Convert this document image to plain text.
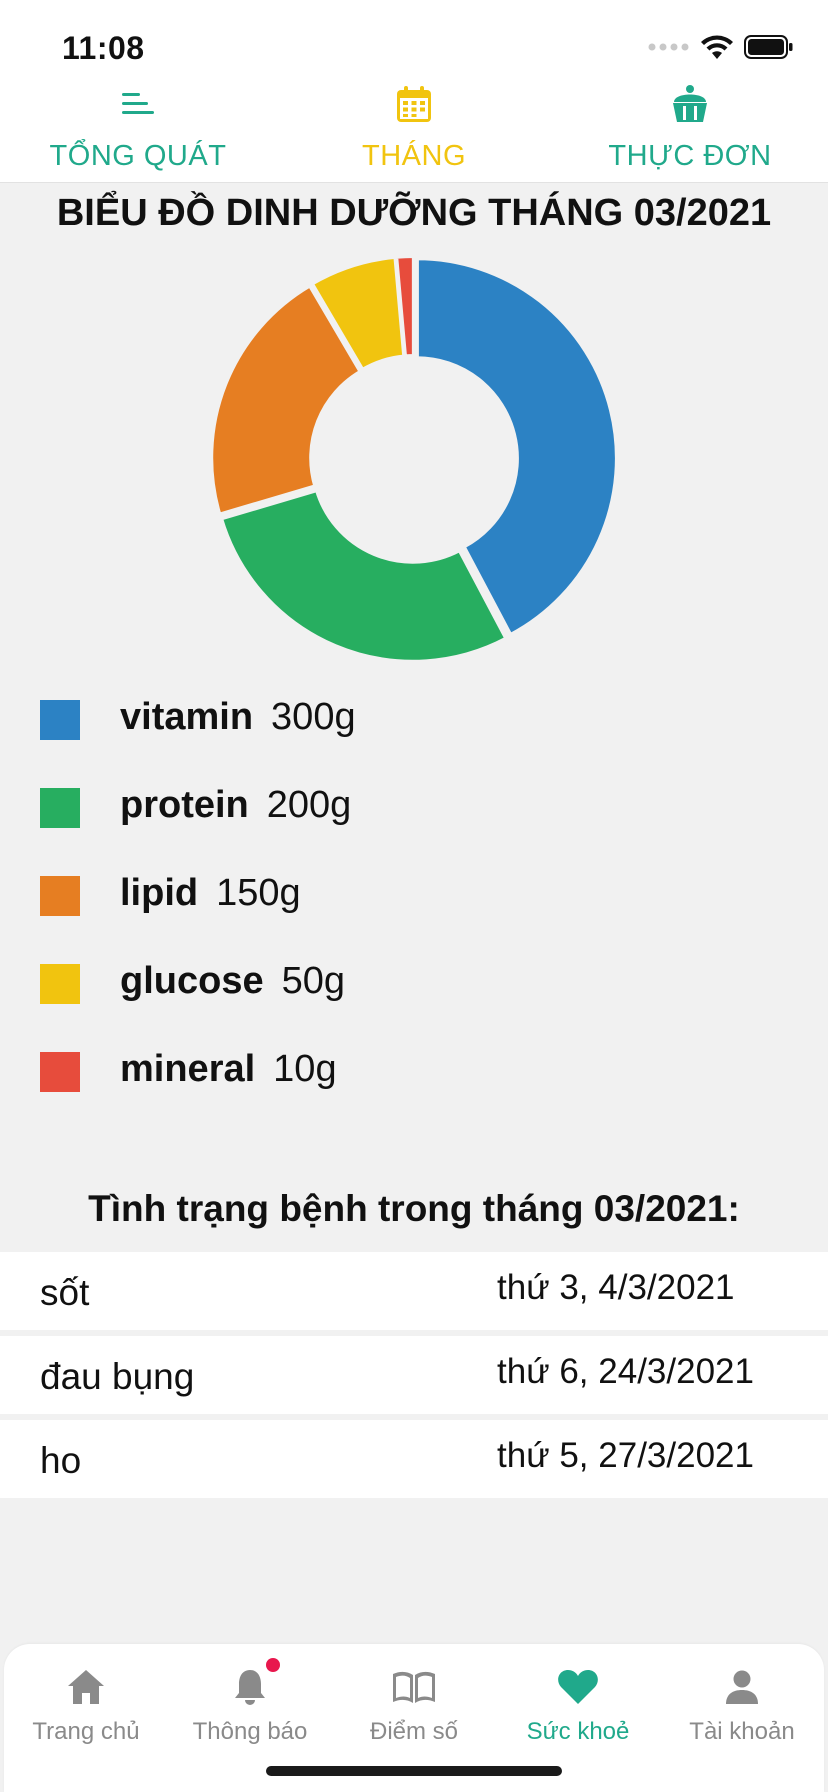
11:08
TỔNG QUÁT	THÁNG	THỰC ĐƠN
BIỂU ĐỒ DINH DƯỠNG THÁNG 03/2021
vitamin 300g
protein 200g
lipid 150g
glucose 50g
mineral 10g
Tình trạng bệnh trong tháng 03/2021:
sốt	thứ 3, 4/3/2021
đau bụng	thứ 6, 24/3/2021
ho	thứ 5, 27/3/2021
Trang chủ Thông báo	Điểm số	Sức khoẻ Tài khoản
